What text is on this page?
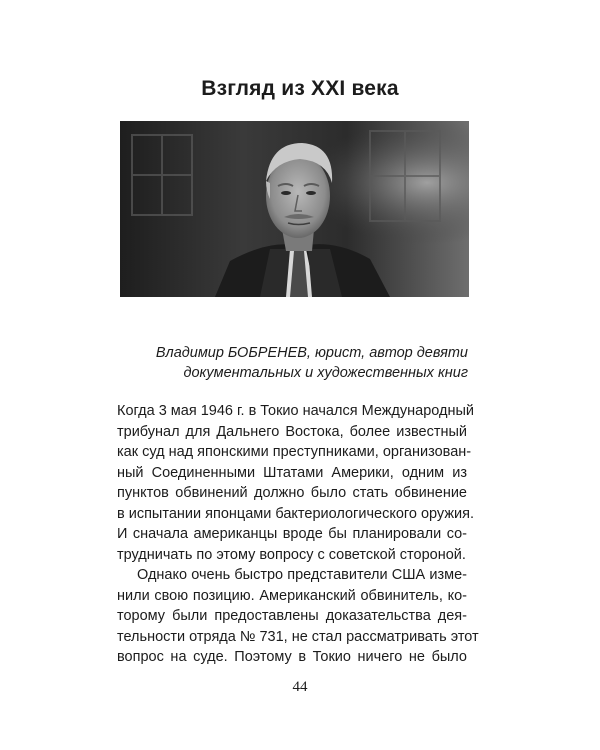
Взгляд из XXI века
Владимир БОБРЕНЕВ, юрист, автор девяти
документальных и художественных книг
Когда 3 мая 1946 г. в Токио начался Международный
трибунал для Дальнего Востока, более известный
как суд над японскими преступниками, организован-
ный Соединенными Штатами Америки, одним из
пунктов обвинений должно было стать обвинение
в испытании японцами бактериологического оружия.
И сначала американцы вроде бы планировали со-
трудничать по этому вопросу с советской стороной.
Однако очень быстро представители США изме-
нили свою позицию. Американский обвинитель, ко-
торому были предоставлены доказательства дея-
тельности отряда № 731, не стал рассматривать этот
вопрос на суде. Поэтому в Токио ничего не было
44
